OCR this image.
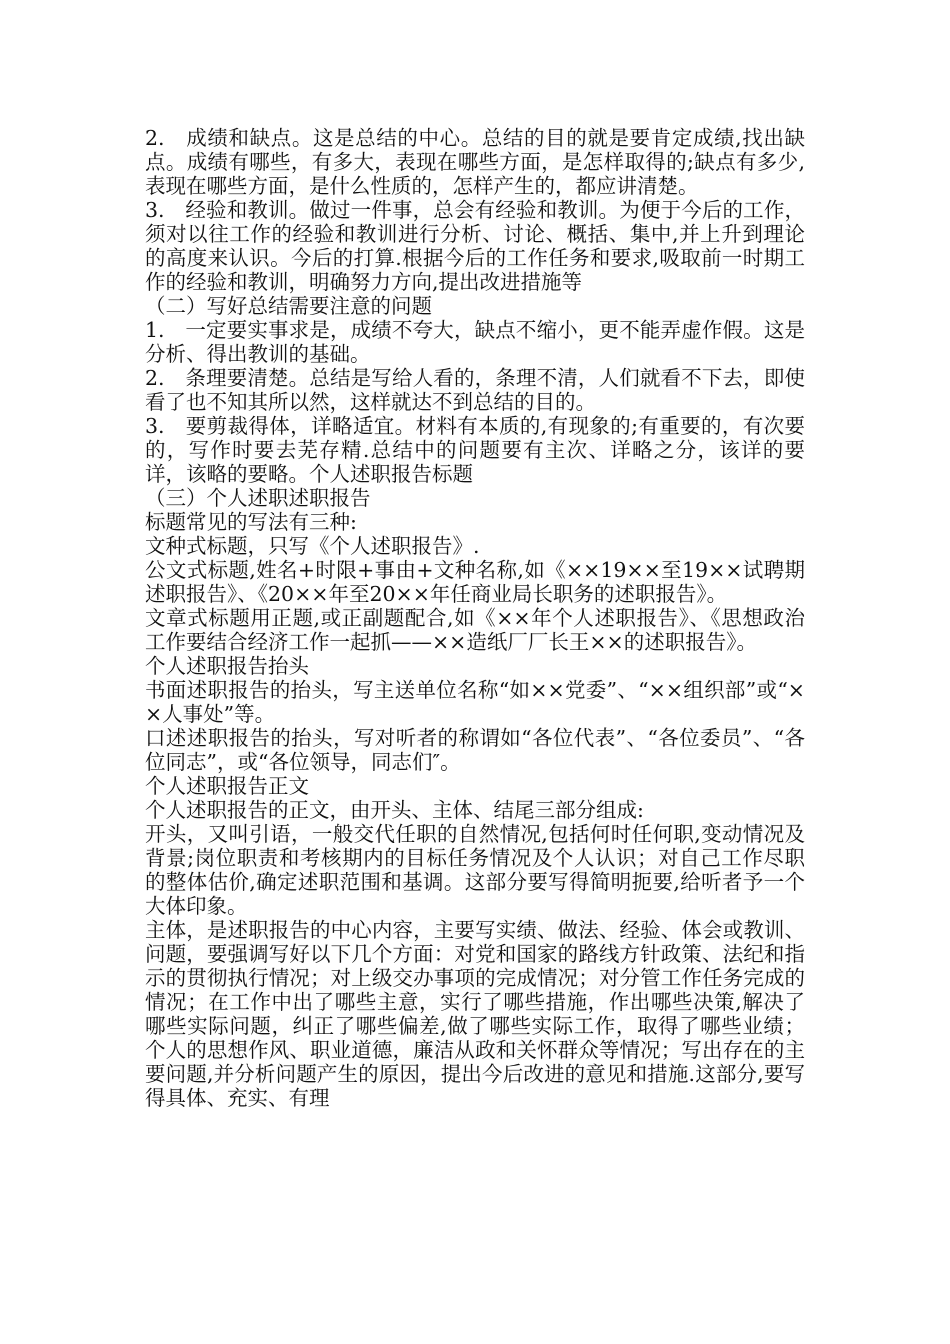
2.　成绩和缺点。这是总结的中心。总结的目的就是要肯定成绩,找出缺点。成绩有哪些，有多大，表现在哪些方面，是怎样取得的;缺点有多少,表现在哪些方面，是什么性质的，怎样产生的，都应讲清楚。

3.　经验和教训。做过一件事，总会有经验和教训。为便于今后的工作，须对以往工作的经验和教训进行分析、讨论、概括、集中,并上升到理论的高度来认识。今后的打算.根据今后的工作任务和要求,吸取前一时期工作的经验和教训，明确努力方向,提出改进措施等

（二）写好总结需要注意的问题

1.　一定要实事求是，成绩不夸大，缺点不缩小，更不能弄虚作假。这是分析、得出教训的基础。

2.　条理要清楚。总结是写给人看的，条理不清，人们就看不下去，即使看了也不知其所以然，这样就达不到总结的目的。

3.　要剪裁得体，详略适宜。材料有本质的,有现象的;有重要的，有次要的，写作时要去芜存精.总结中的问题要有主次、详略之分，该详的要详，该略的要略。个人述职报告标题

（三）个人述职述职报告

标题常见的写法有三种:

文种式标题，只写《个人述职报告》.

公文式标题,姓名+时限+事由+文种名称,如《××19××至19××试聘期述职报告》、《20××年至20××年任商业局长职务的述职报告》。

文章式标题用正题,或正副题配合,如《××年个人述职报告》、《思想政治工作要结合经济工作一起抓——××造纸厂厂长王××的述职报告》。

个人述职报告抬头

书面述职报告的抬头，写主送单位名称“如××党委”、“××组织部”或“××人事处”等。

口述述职报告的抬头，写对听者的称谓如“各位代表”、“各位委员”、“各位同志”，或“各位领导，同志们″。

个人述职报告正文

个人述职报告的正文，由开头、主体、结尾三部分组成:

开头，又叫引语，一般交代任职的自然情况,包括何时任何职,变动情况及背景;岗位职责和考核期内的目标任务情况及个人认识；对自己工作尽职的整体估价,确定述职范围和基调。这部分要写得简明扼要,给听者予一个大体印象。

主体，是述职报告的中心内容，主要写实绩、做法、经验、体会或教训、问题，要强调写好以下几个方面：对党和国家的路线方针政策、法纪和指示的贯彻执行情况；对上级交办事项的完成情况；对分管工作任务完成的情况；在工作中出了哪些主意，实行了哪些措施，作出哪些决策,解决了哪些实际问题，纠正了哪些偏差,做了哪些实际工作，取得了哪些业绩；个人的思想作风、职业道德，廉洁从政和关怀群众等情况；写出存在的主要问题,并分析问题产生的原因，提出今后改进的意见和措施.这部分,要写得具体、充实、有理
